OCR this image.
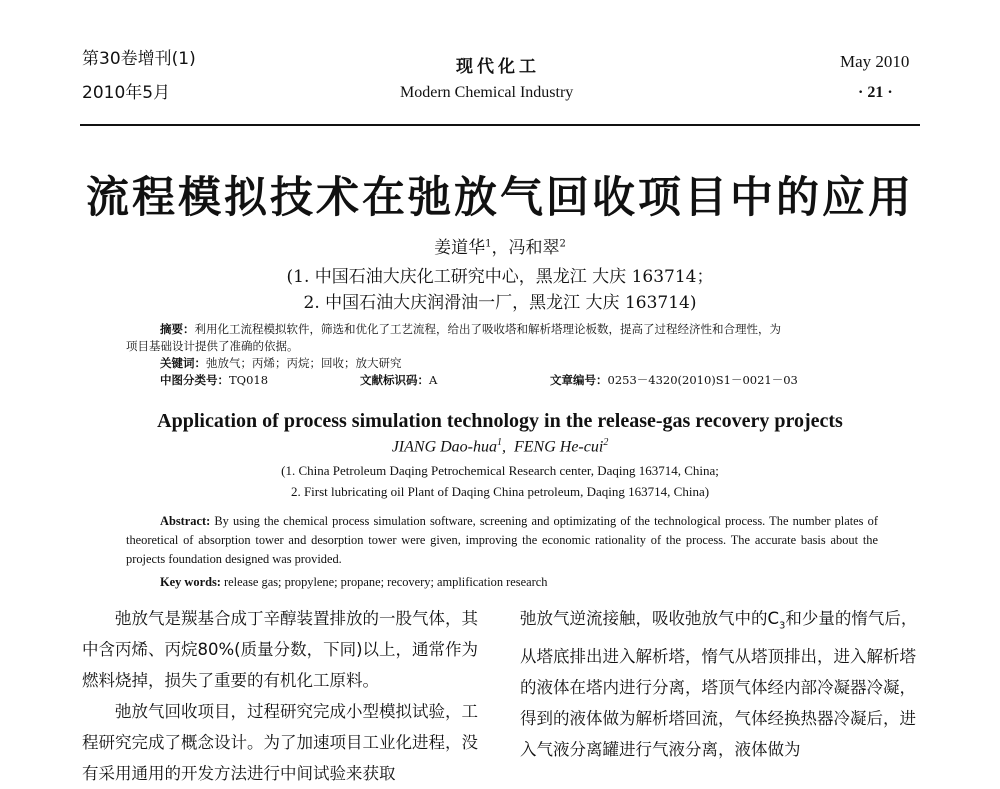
第30卷增刊(1)
2010年5月
现代化工
Modern Chemical Industry
May 2010
· 21 ·
流程模拟技术在弛放气回收项目中的应用
姜道华$^1$，冯和翠$^2$
(1. 中国石油大庆化工研究中心，黑龙江 大庆 163714；
2. 中国石油大庆润滑油一厂，黑龙江 大庆 163714)
摘要：利用化工流程模拟软件，筛选和优化了工艺流程，给出了吸收塔和解析塔理论板数，提高了过程经济性和合理性，为
项目基础设计提供了准确的依据。
关键词：弛放气；丙烯；丙烷；回收；放大研究
中图分类号：TQ018	文献标识码：A	文章编号：0253－4320(2010)S1－0021－03
Application of process simulation technology in the release-gas recovery projects
JIANG Dao-hua$^1$,  FENG He-cui$^2$
(1. China Petroleum Daqing Petrochemical Research center, Daqing 163714, China;
2. First lubricating oil Plant of Daqing China petroleum, Daqing 163714, China)
Abstract: By using the chemical process simulation software, screening and optimizating of the technological process. The number plates of theoretical of absorption tower and desorption tower were given, improving the economic rationality of the process. The accurate basis about the projects foundation designed was provided.
Key words: release gas; propylene; propane; recovery; amplification research

弛放气是羰基合成丁辛醇装置排放的一股气体，其中含丙烯、丙烷80%(质量分数，下同)以上，通常作为燃料烧掉，损失了重要的有机化工原料。

弛放气回收项目，过程研究完成小型模拟试验，工程研究完成了概念设计。为了加速项目工业化进程，没有采用通用的开发方法进行中间试验来获取

弛放气逆流接触，吸收弛放气中的$C_3$和少量的惰气后，从塔底排出进入解析塔，惰气从塔顶排出，进入解析塔的液体在塔内进行分离，塔顶气体经内部冷凝器冷凝，得到的液体做为解析塔回流，气体经换热器冷凝后，进入气液分离罐进行气液分离，液体做为
